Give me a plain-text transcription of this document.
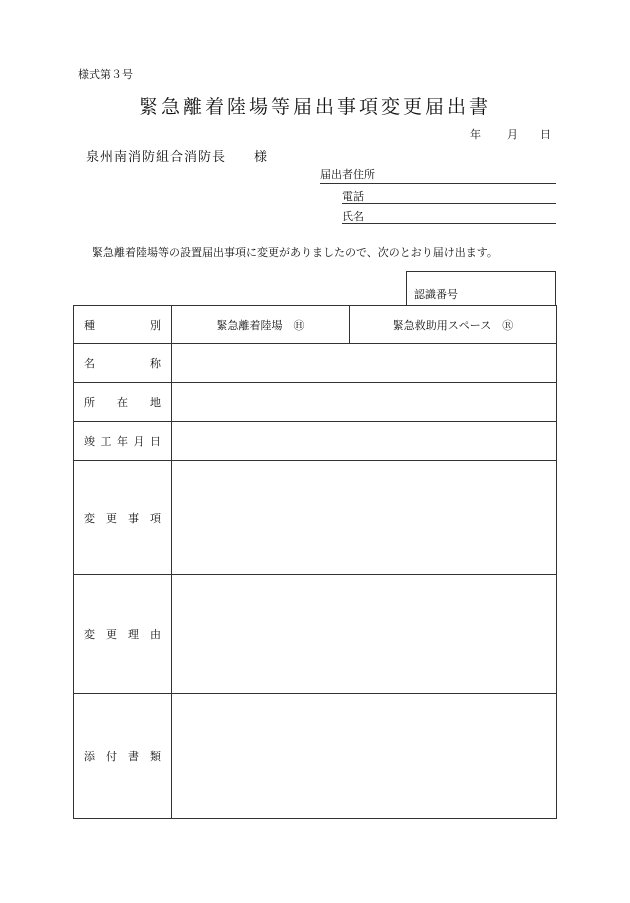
様式第３号
緊急離着陸場等届出事項変更届出書
年 月 日
泉州南消防組合消防長　　様
届出者住所
電話
氏名
緊急離着陸場等の設置届出事項に変更がありましたので、次のとおり届け出ます。
認識番号
種　　別	緊急離着陸場　Ⓗ	緊急救助用スペース　Ⓡ
名　　称		
所　在　地		
竣工年月日		
変更事項		
変更理由		
添付書類		
